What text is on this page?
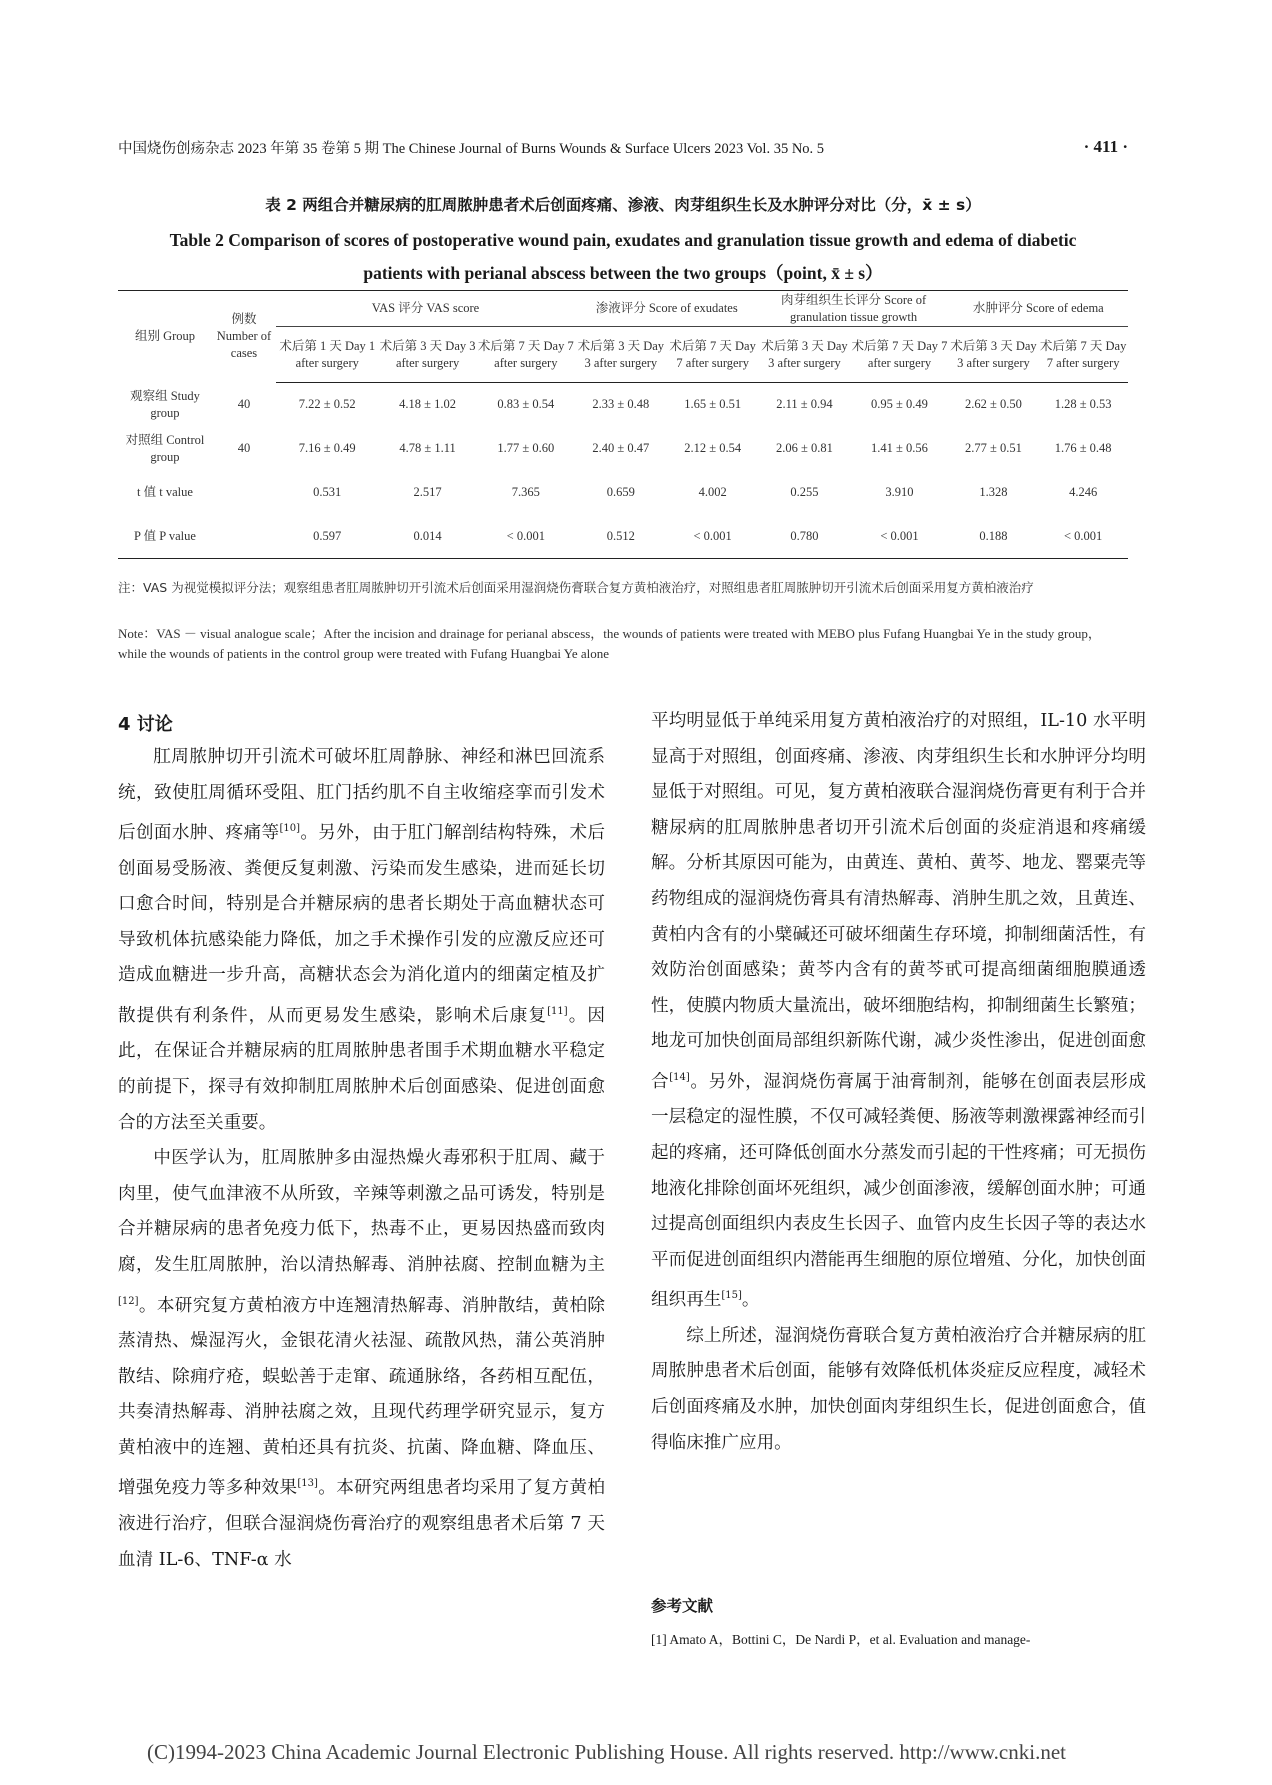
中国烧伤创疡杂志 2023 年第 35 卷第 5 期 The Chinese Journal of Burns Wounds & Surface Ulcers 2023 Vol. 35 No. 5	· 411 ·
表 2 两组合并糖尿病的肛周脓肿患者术后创面疼痛、渗液、肉芽组织生长及水肿评分对比（分，x̄ ± s）
Table 2 Comparison of scores of postoperative wound pain, exudates and granulation tissue growth and edema of diabetic patients with perianal abscess between the two groups（point, x̄ ± s）
组别 Group	例数 Number of cases	VAS 评分 VAS score			渗液评分 Score of exudates		肉芽组织生长评分 Score of granulation tissue growth		水肿评分 Score of edema	
		术后第 1 天 Day 1 after surgery	术后第 3 天 Day 3 after surgery	术后第 7 天 Day 7 after surgery	术后第 3 天 Day 3 after surgery	术后第 7 天 Day 7 after surgery	术后第 3 天 Day 3 after surgery	术后第 7 天 Day 7 after surgery	术后第 3 天 Day 3 after surgery	术后第 7 天 Day 7 after surgery
观察组 Study group	40	7.22 ± 0.52	4.18 ± 1.02	0.83 ± 0.54	2.33 ± 0.48	1.65 ± 0.51	2.11 ± 0.94	0.95 ± 0.49	2.62 ± 0.50	1.28 ± 0.53
对照组 Control group	40	7.16 ± 0.49	4.78 ± 1.11	1.77 ± 0.60	2.40 ± 0.47	2.12 ± 0.54	2.06 ± 0.81	1.41 ± 0.56	2.77 ± 0.51	1.76 ± 0.48
t 值 t value		0.531	2.517	7.365	0.659	4.002	0.255	3.910	1.328	4.246
P 值 P value		0.597	0.014	< 0.001	0.512	< 0.001	0.780	< 0.001	0.188	< 0.001
注：VAS 为视觉模拟评分法；观察组患者肛周脓肿切开引流术后创面采用湿润烧伤膏联合复方黄柏液治疗，对照组患者肛周脓肿切开引流术后创面采用复方黄柏液治疗
Note：VAS － visual analogue scale；After the incision and drainage for perianal abscess，the wounds of patients were treated with MEBO plus Fufang Huangbai Ye in the study group，while the wounds of patients in the control group were treated with Fufang Huangbai Ye alone
4 讨论

肛周脓肿切开引流术可破坏肛周静脉、神经和淋巴回流系统，致使肛周循环受阻、肛门括约肌不自主收缩痉挛而引发术后创面水肿、疼痛等[10]。另外，由于肛门解剖结构特殊，术后创面易受肠液、粪便反复刺激、污染而发生感染，进而延长切口愈合时间，特别是合并糖尿病的患者长期处于高血糖状态可导致机体抗感染能力降低，加之手术操作引发的应激反应还可造成血糖进一步升高，高糖状态会为消化道内的细菌定植及扩散提供有利条件，从而更易发生感染，影响术后康复[11]。因此，在保证合并糖尿病的肛周脓肿患者围手术期血糖水平稳定的前提下，探寻有效抑制肛周脓肿术后创面感染、促进创面愈合的方法至关重要。

中医学认为，肛周脓肿多由湿热燥火毒邪积于肛周、藏于肉里，使气血津液不从所致，辛辣等刺激之品可诱发，特别是合并糖尿病的患者免疫力低下，热毒不止，更易因热盛而致肉腐，发生肛周脓肿，治以清热解毒、消肿祛腐、控制血糖为主[12]。本研究复方黄柏液方中连翘清热解毒、消肿散结，黄柏除蒸清热、燥湿泻火，金银花清火祛湿、疏散风热，蒲公英消肿散结、除痈疗疮，蜈蚣善于走窜、疏通脉络，各药相互配伍，共奏清热解毒、消肿祛腐之效，且现代药理学研究显示，复方黄柏液中的连翘、黄柏还具有抗炎、抗菌、降血糖、降血压、增强免疫力等多种效果[13]。本研究两组患者均采用了复方黄柏液进行治疗，但联合湿润烧伤膏治疗的观察组患者术后第 7 天血清 IL-6、TNF-α 水

平均明显低于单纯采用复方黄柏液治疗的对照组，IL-10 水平明显高于对照组，创面疼痛、渗液、肉芽组织生长和水肿评分均明显低于对照组。可见，复方黄柏液联合湿润烧伤膏更有利于合并糖尿病的肛周脓肿患者切开引流术后创面的炎症消退和疼痛缓解。分析其原因可能为，由黄连、黄柏、黄芩、地龙、罂粟壳等药物组成的湿润烧伤膏具有清热解毒、消肿生肌之效，且黄连、黄柏内含有的小檗碱还可破坏细菌生存环境，抑制细菌活性，有效防治创面感染；黄芩内含有的黄芩甙可提高细菌细胞膜通透性，使膜内物质大量流出，破坏细胞结构，抑制细菌生长繁殖；地龙可加快创面局部组织新陈代谢，减少炎性渗出，促进创面愈合[14]。另外，湿润烧伤膏属于油膏制剂，能够在创面表层形成一层稳定的湿性膜，不仅可减轻粪便、肠液等刺激裸露神经而引起的疼痛，还可降低创面水分蒸发而引起的干性疼痛；可无损伤地液化排除创面坏死组织，减少创面渗液，缓解创面水肿；可通过提高创面组织内表皮生长因子、血管内皮生长因子等的表达水平而促进创面组织内潜能再生细胞的原位增殖、分化，加快创面组织再生[15]。

综上所述，湿润烧伤膏联合复方黄柏液治疗合并糖尿病的肛周脓肿患者术后创面，能够有效降低机体炎症反应程度，减轻术后创面疼痛及水肿，加快创面肉芽组织生长，促进创面愈合，值得临床推广应用。

参考文献
[1] Amato A，Bottini C，De Nardi P，et al. Evaluation and manage-
(C)1994-2023 China Academic Journal Electronic Publishing House. All rights reserved. http://www.cnki.net
